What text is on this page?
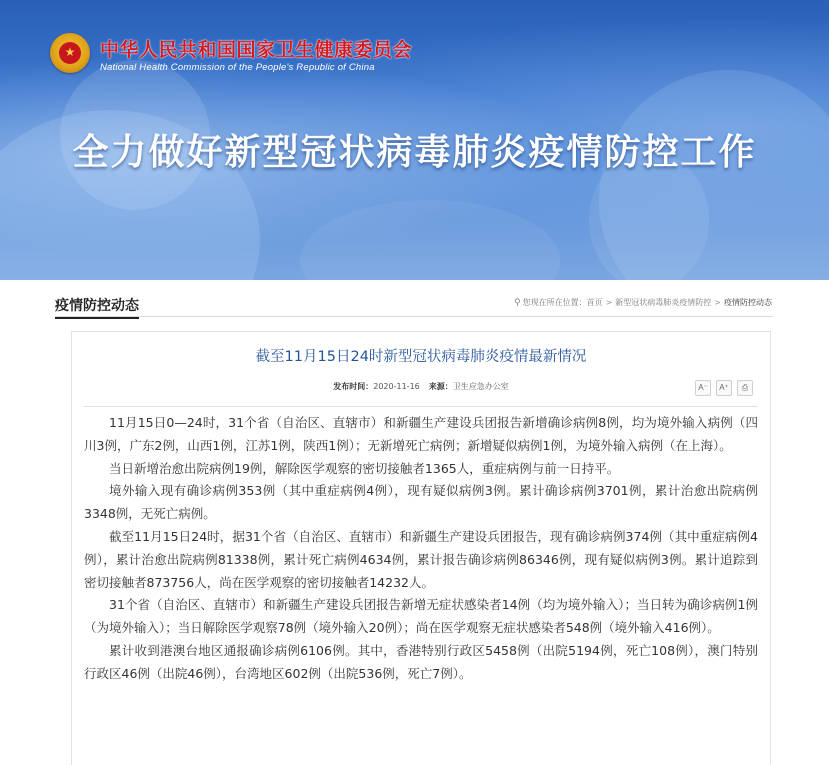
★ 中华人民共和国国家卫生健康委员会
National Health Commission of the People's Republic of China
全力做好新型冠状病毒肺炎疫情防控工作
疫情防控动态	⚲ 您现在所在位置：首页 > 新型冠状病毒肺炎疫情防控 > 疫情防控动态
截至11月15日24时新型冠状病毒肺炎疫情最新情况
发布时间：2020-11-16 来源：卫生应急办公室	A⁻	A⁺	⎙

11月15日0—24时，31个省（自治区、直辖市）和新疆生产建设兵团报告新增确诊病例8例，均为境外输入病例（四川3例，广东2例，山西1例，江苏1例，陕西1例）；无新增死亡病例；新增疑似病例1例，为境外输入病例（在上海）。

当日新增治愈出院病例19例，解除医学观察的密切接触者1365人，重症病例与前一日持平。

境外输入现有确诊病例353例（其中重症病例4例），现有疑似病例3例。累计确诊病例3701例，累计治愈出院病例3348例，无死亡病例。

截至11月15日24时，据31个省（自治区、直辖市）和新疆生产建设兵团报告，现有确诊病例374例（其中重症病例4例），累计治愈出院病例81338例，累计死亡病例4634例，累计报告确诊病例86346例，现有疑似病例3例。累计追踪到密切接触者873756人，尚在医学观察的密切接触者14232人。

31个省（自治区、直辖市）和新疆生产建设兵团报告新增无症状感染者14例（均为境外输入）；当日转为确诊病例1例（为境外输入）；当日解除医学观察78例（境外输入20例）；尚在医学观察无症状感染者548例（境外输入416例）。

累计收到港澳台地区通报确诊病例6106例。其中，香港特别行政区5458例（出院5194例，死亡108例），澳门特别行政区46例（出院46例），台湾地区602例（出院536例，死亡7例）。
